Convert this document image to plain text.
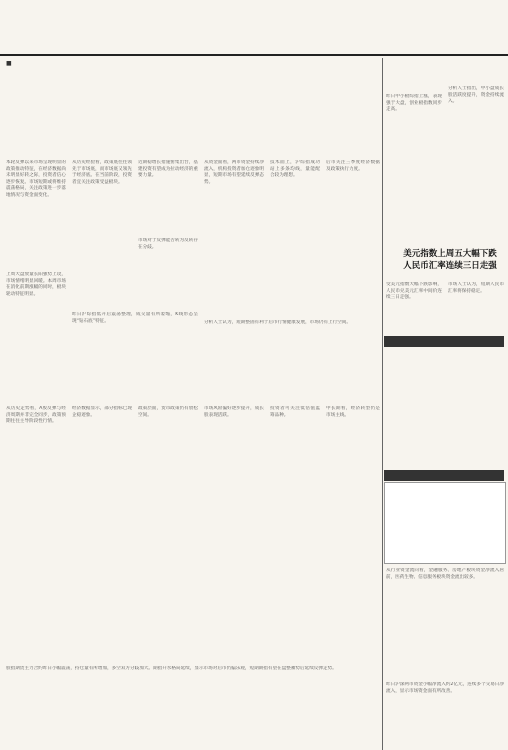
■
本轮反弹以来市场呈现明显的政策推动特征，在经济数据尚未明显好转之际，投资者信心逐步恢复。市场短期或将维持震荡格局，关注政策进一步落地情况与资金面变化。
上周大盘放量长阳强势上攻，市场情绪明显回暖。本周市场在消化前期涨幅的同时，板块轮动特征明显。
从历史经验看，政策底往往领先于市场底，而市场底又领先于经济底。在当前阶段，投资者宜关注政策受益板块。
近期稳增长措施密集出台，基建投资有望成为拉动经济的重要力量。
市场对于反弹能否转为反转存在分歧。
从资金面看，两市资金持续净流入，机构投资者加仓迹象明显，短期市场有望延续反弹态势。
技术面上，沪综指成功站上多条均线，量能配合较为理想。
后市关注三季度经济数据及政策执行力度。
昨日沪综指低开后震荡整理，成交量有所萎缩，K线形态呈现“钻石底”特征。	分析人士认为，短期整固有利于后市行情健康发展，市场仍有上行空间。
从历史走势看，A股反弹与经济周期并非完全同步，政策预期往往主导阶段性行情。
经济数据显示，部分指标已现企稳迹象。
政策层面，货币政策仍有放松空间。
市场风险偏好逐步提升，成长股表现活跃。
投资者可关注低估值蓝筹品种。
中长期看，经济转型仍是市场主线。
股指期货主力合约昨日小幅震荡，持仓量有所增加，多空双方分歧加大。期指升水格局延续，显示市场对后市仍偏乐观，短期期指有望在盘整蓄势后延续反弹走势。
昨日中小板综指上涨，表现强于大盘，创业板指数同步走高。
分析人士指出，中小盘成长股活跃度提升，资金持续流入。
美元指数上周五大幅下跌
人民币汇率连续三日走强
受美元指数大幅下跌影响，人民币兑美元汇率中间价连续三日走强。
市场人士认为，短期人民币汇率将保持稳定。
从行业资金流向看，金融服务、房地产板块资金净流入居前，医药生物、信息服务板块资金流出较多。
昨日沪深两市资金小幅净流入约2亿元，连续多个交易日净流入，显示市场资金面有所改善。
